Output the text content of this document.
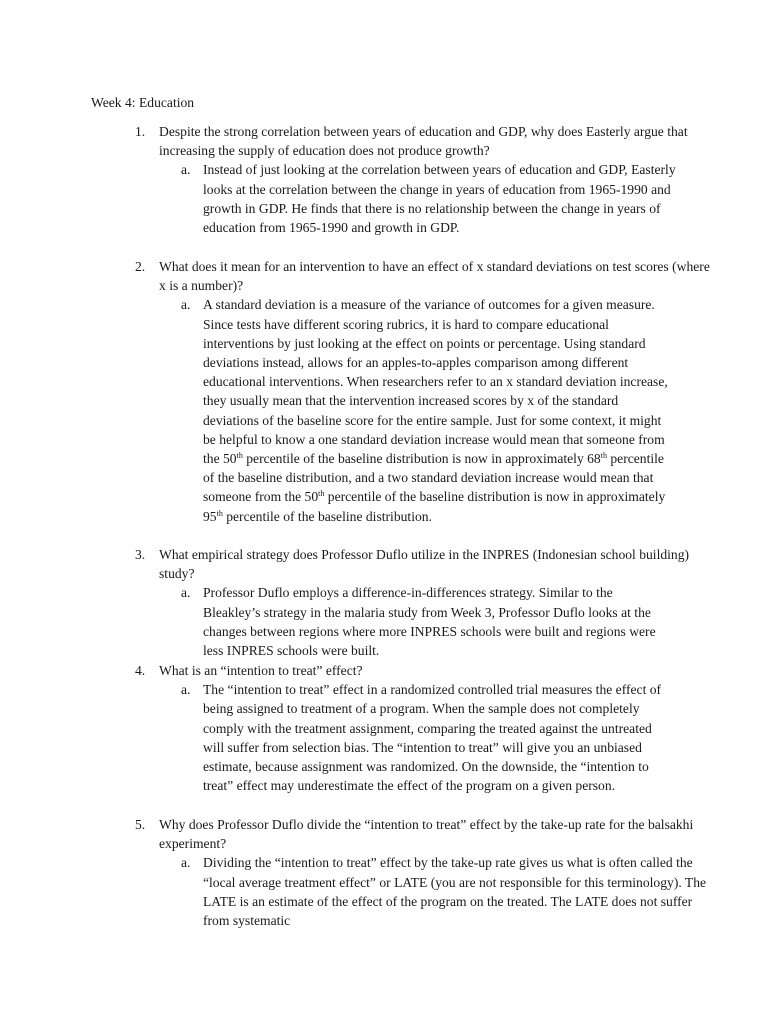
Week 4: Education
1. Despite the strong correlation between years of education and GDP, why does Easterly argue that increasing the supply of education does not produce growth?
a. Instead of just looking at the correlation between years of education and GDP, Easterly looks at the correlation between the change in years of education from 1965-1990 and growth in GDP. He finds that there is no relationship between the change in years of education from 1965-1990 and growth in GDP.
2. What does it mean for an intervention to have an effect of x standard deviations on test scores (where x is a number)?
a. A standard deviation is a measure of the variance of outcomes for a given measure. Since tests have different scoring rubrics, it is hard to compare educational interventions by just looking at the effect on points or percentage. Using standard deviations instead, allows for an apples-to-apples comparison among different educational interventions. When researchers refer to an x standard deviation increase, they usually mean that the intervention increased scores by x of the standard deviations of the baseline score for the entire sample. Just for some context, it might be helpful to know a one standard deviation increase would mean that someone from the 50th percentile of the baseline distribution is now in approximately 68th percentile of the baseline distribution, and a two standard deviation increase would mean that someone from the 50th percentile of the baseline distribution is now in approximately 95th percentile of the baseline distribution.
3. What empirical strategy does Professor Duflo utilize in the INPRES (Indonesian school building) study?
a. Professor Duflo employs a difference-in-differences strategy. Similar to the Bleakley’s strategy in the malaria study from Week 3, Professor Duflo looks at the changes between regions where more INPRES schools were built and regions were less INPRES schools were built.
4. What is an “intention to treat” effect?
a. The “intention to treat” effect in a randomized controlled trial measures the effect of being assigned to treatment of a program. When the sample does not completely comply with the treatment assignment, comparing the treated against the untreated will suffer from selection bias. The “intention to treat” will give you an unbiased estimate, because assignment was randomized. On the downside, the “intention to treat” effect may underestimate the effect of the program on a given person.
5. Why does Professor Duflo divide the “intention to treat” effect by the take-up rate for the balsakhi experiment?
a. Dividing the “intention to treat” effect by the take-up rate gives us what is often called the “local average treatment effect” or LATE (you are not responsible for this terminology). The LATE is an estimate of the effect of the program on the treated. The LATE does not suffer from systematic
